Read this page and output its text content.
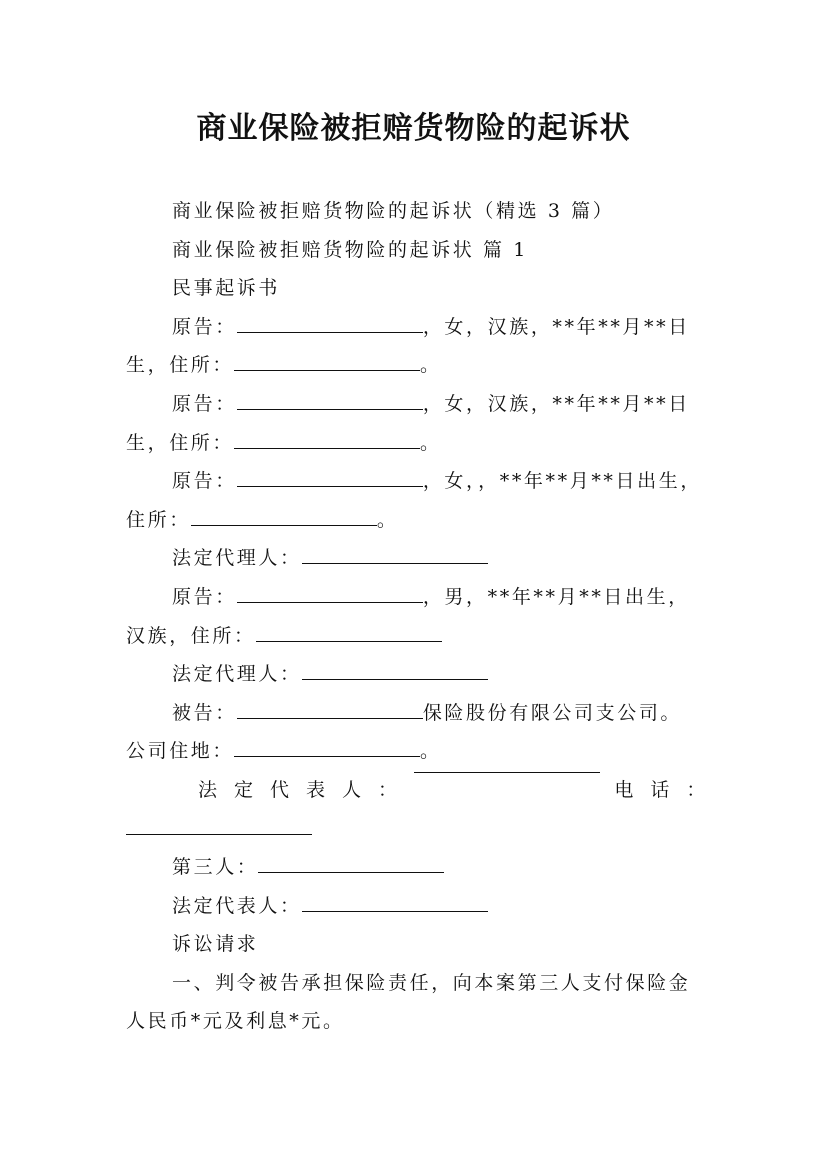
商业保险被拒赔货物险的起诉状

商业保险被拒赔货物险的起诉状（精选 3 篇）

商业保险被拒赔货物险的起诉状 篇 1

民事起诉书

原告：	，女，汉族，**年**月**日
生，住所：	。

原告：	，女，汉族，**年**月**日
生，住所：	。

原告：	，女，，**年**月**日出生，
住所：	。

法定代理人：

原告：	，男，**年**月**日出生，
汉族，住所：

法定代理人：

被告：	保险股份有限公司支公司。
公司住地：	。

法 定 代 表 人 ：	电 话 ：

第三人：

法定代表人：

诉讼请求

一、判令被告承担保险责任，向本案第三人支付保险金
人民币*元及利息*元。
